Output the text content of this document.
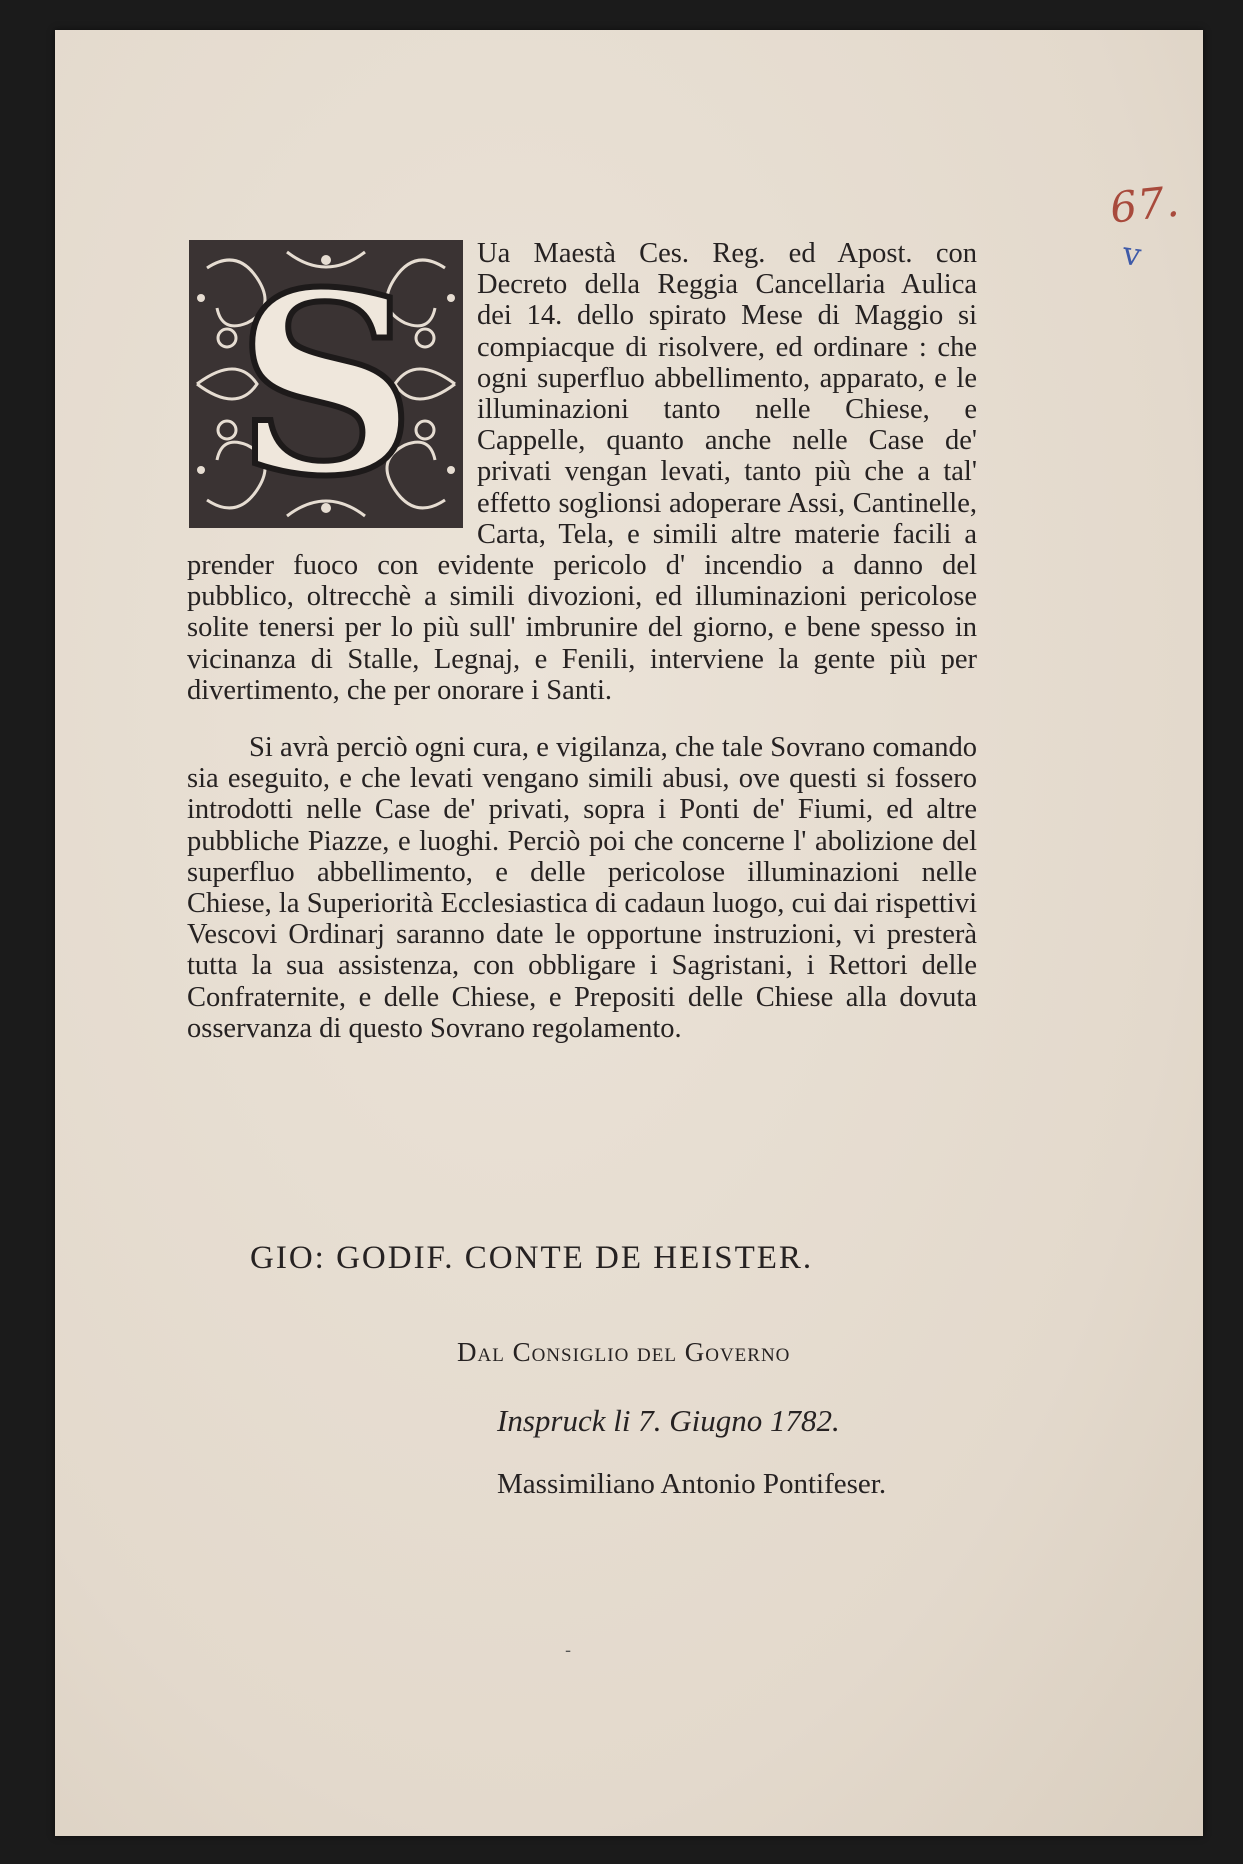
67.
v
S	Ua Maestà Ces. Reg. ed Apost. con Decreto della Reggia Cancellaria Aulica dei 14. dello spirato Mese di Maggio si compiacque di risolvere, ed ordinare : che ogni superfluo abbellimento, apparato, e le illuminazioni tanto nelle Chiese, e Cappelle, quanto anche nelle Case de' privati vengan levati, tanto più che a tal' effetto soglionsi adoperare Assi, Cantinelle, Carta, Tela, e simili altre materie facili a prender fuoco con evidente pericolo d' incendio a danno del pubblico, oltrecchè a simili divozioni, ed illuminazioni pericolose solite tenersi per lo più sull' imbrunire del giorno, e bene spesso in vicinanza di Stalle, Legnaj, e Fenili, interviene la gente più per divertimento, che per onorare i Santi.

Si avrà perciò ogni cura, e vigilanza, che tale Sovrano comando sia eseguito, e che levati vengano simili abusi, ove questi si fossero introdotti nelle Case de' privati, sopra i Ponti de' Fiumi, ed altre pubbliche Piazze, e luoghi. Perciò poi che concerne l' abolizione del superfluo abbellimento, e delle pericolose illuminazioni nelle Chiese, la Superiorità Ecclesiastica di cadaun luogo, cui dai rispettivi Vescovi Ordinarj saranno date le opportune instruzioni, vi presterà tutta la sua assistenza, con obbligare i Sagristani, i Rettori delle Confraternite, e delle Chiese, e Prepositi delle Chiese alla dovuta osservanza di questo Sovrano regolamento.

GIO: GODIF. CONTE DE HEISTER.
Dal Consiglio del Governo
Inspruck li 7. Giugno 1782.
Massimiliano Antonio Pontifeser.
‐
